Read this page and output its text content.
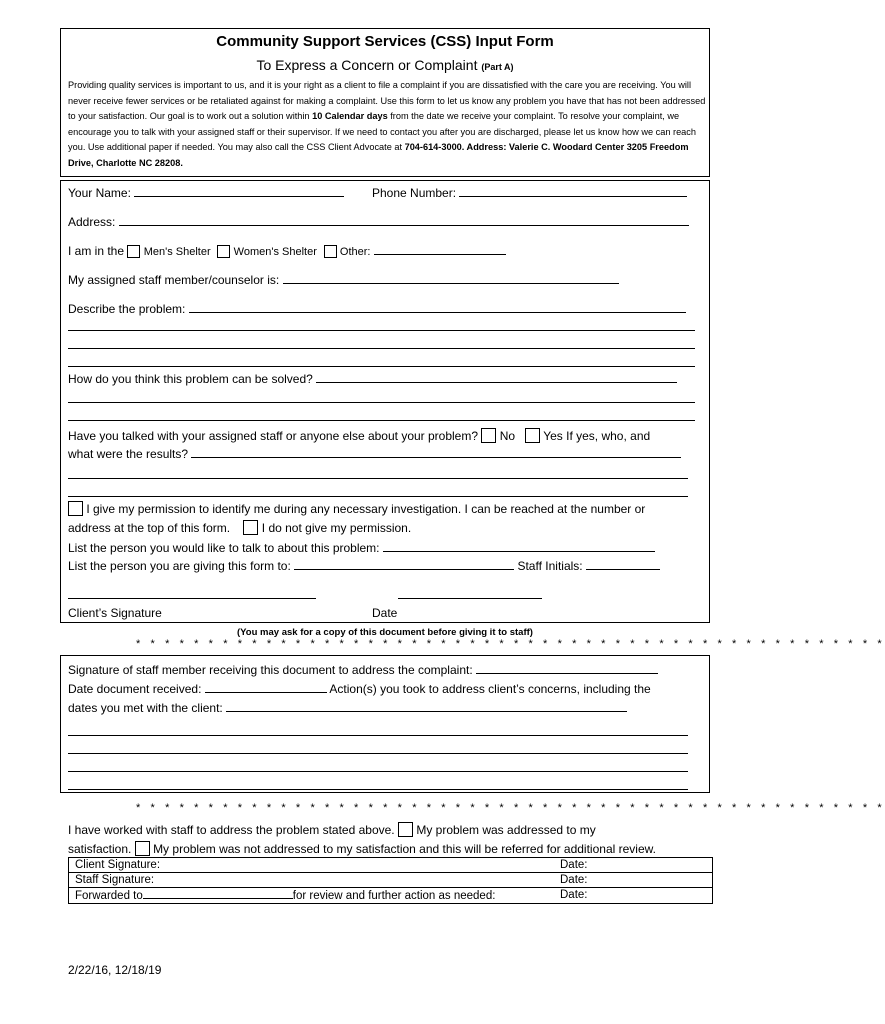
Community Support Services (CSS) Input Form
To Express a Concern or Complaint (Part A)
Providing quality services is important to us, and it is your right as a client to file a complaint if you are dissatisfied with the care you are receiving. You will never receive fewer services or be retaliated against for making a complaint. Use this form to let us know any problem you have that has not been addressed to your satisfaction. Our goal is to work out a solution within 10 Calendar days from the date we receive your complaint. To resolve your complaint, we encourage you to talk with your assigned staff or their supervisor. If we need to contact you after you are discharged, please let us know how we can reach you. Use additional paper if needed. You may also call the CSS Client Advocate at 704-614-3000. Address: Valerie C. Woodard Center 3205 Freedom Drive, Charlotte NC 28208.
Your Name:	Phone Number:
Address:
I am in the Men's Shelter Women's Shelter Other:
My assigned staff member/counselor is:
Describe the problem:
How do you think this problem can be solved?
Have you talked with your assigned staff or anyone else about your problem? No Yes If yes, who, and
what were the results?
I give my permission to identify me during any necessary investigation. I can be reached at the number or
address at the top of this form.	I do not give my permission.
List the person you would like to talk to about this problem:
List the person you are giving this form to:	Staff Initials:
Client’s Signature	Date
(You may ask for a copy of this document before giving it to staff)
* * * * * * * * * * * * * * * * * * * * * * * * * * * * * * * * * * * * * * * * * * * * * * * * * * * *
Signature of staff member receiving this document to address the complaint:
Date document received:	Action(s) you took to address client’s concerns, including the
dates you met with the client:
* * * * * * * * * * * * * * * * * * * * * * * * * * * * * * * * * * * * * * * * * * * * * * * * * * * *
I have worked with staff to address the problem stated above. My problem was addressed to my
satisfaction. My problem was not addressed to my satisfaction and this will be referred for additional review.
Client Signature:	Date:

Staff Signature:	Date:

Forwarded to	for review and further action as needed:	Date:
2/22/16, 12/18/19
